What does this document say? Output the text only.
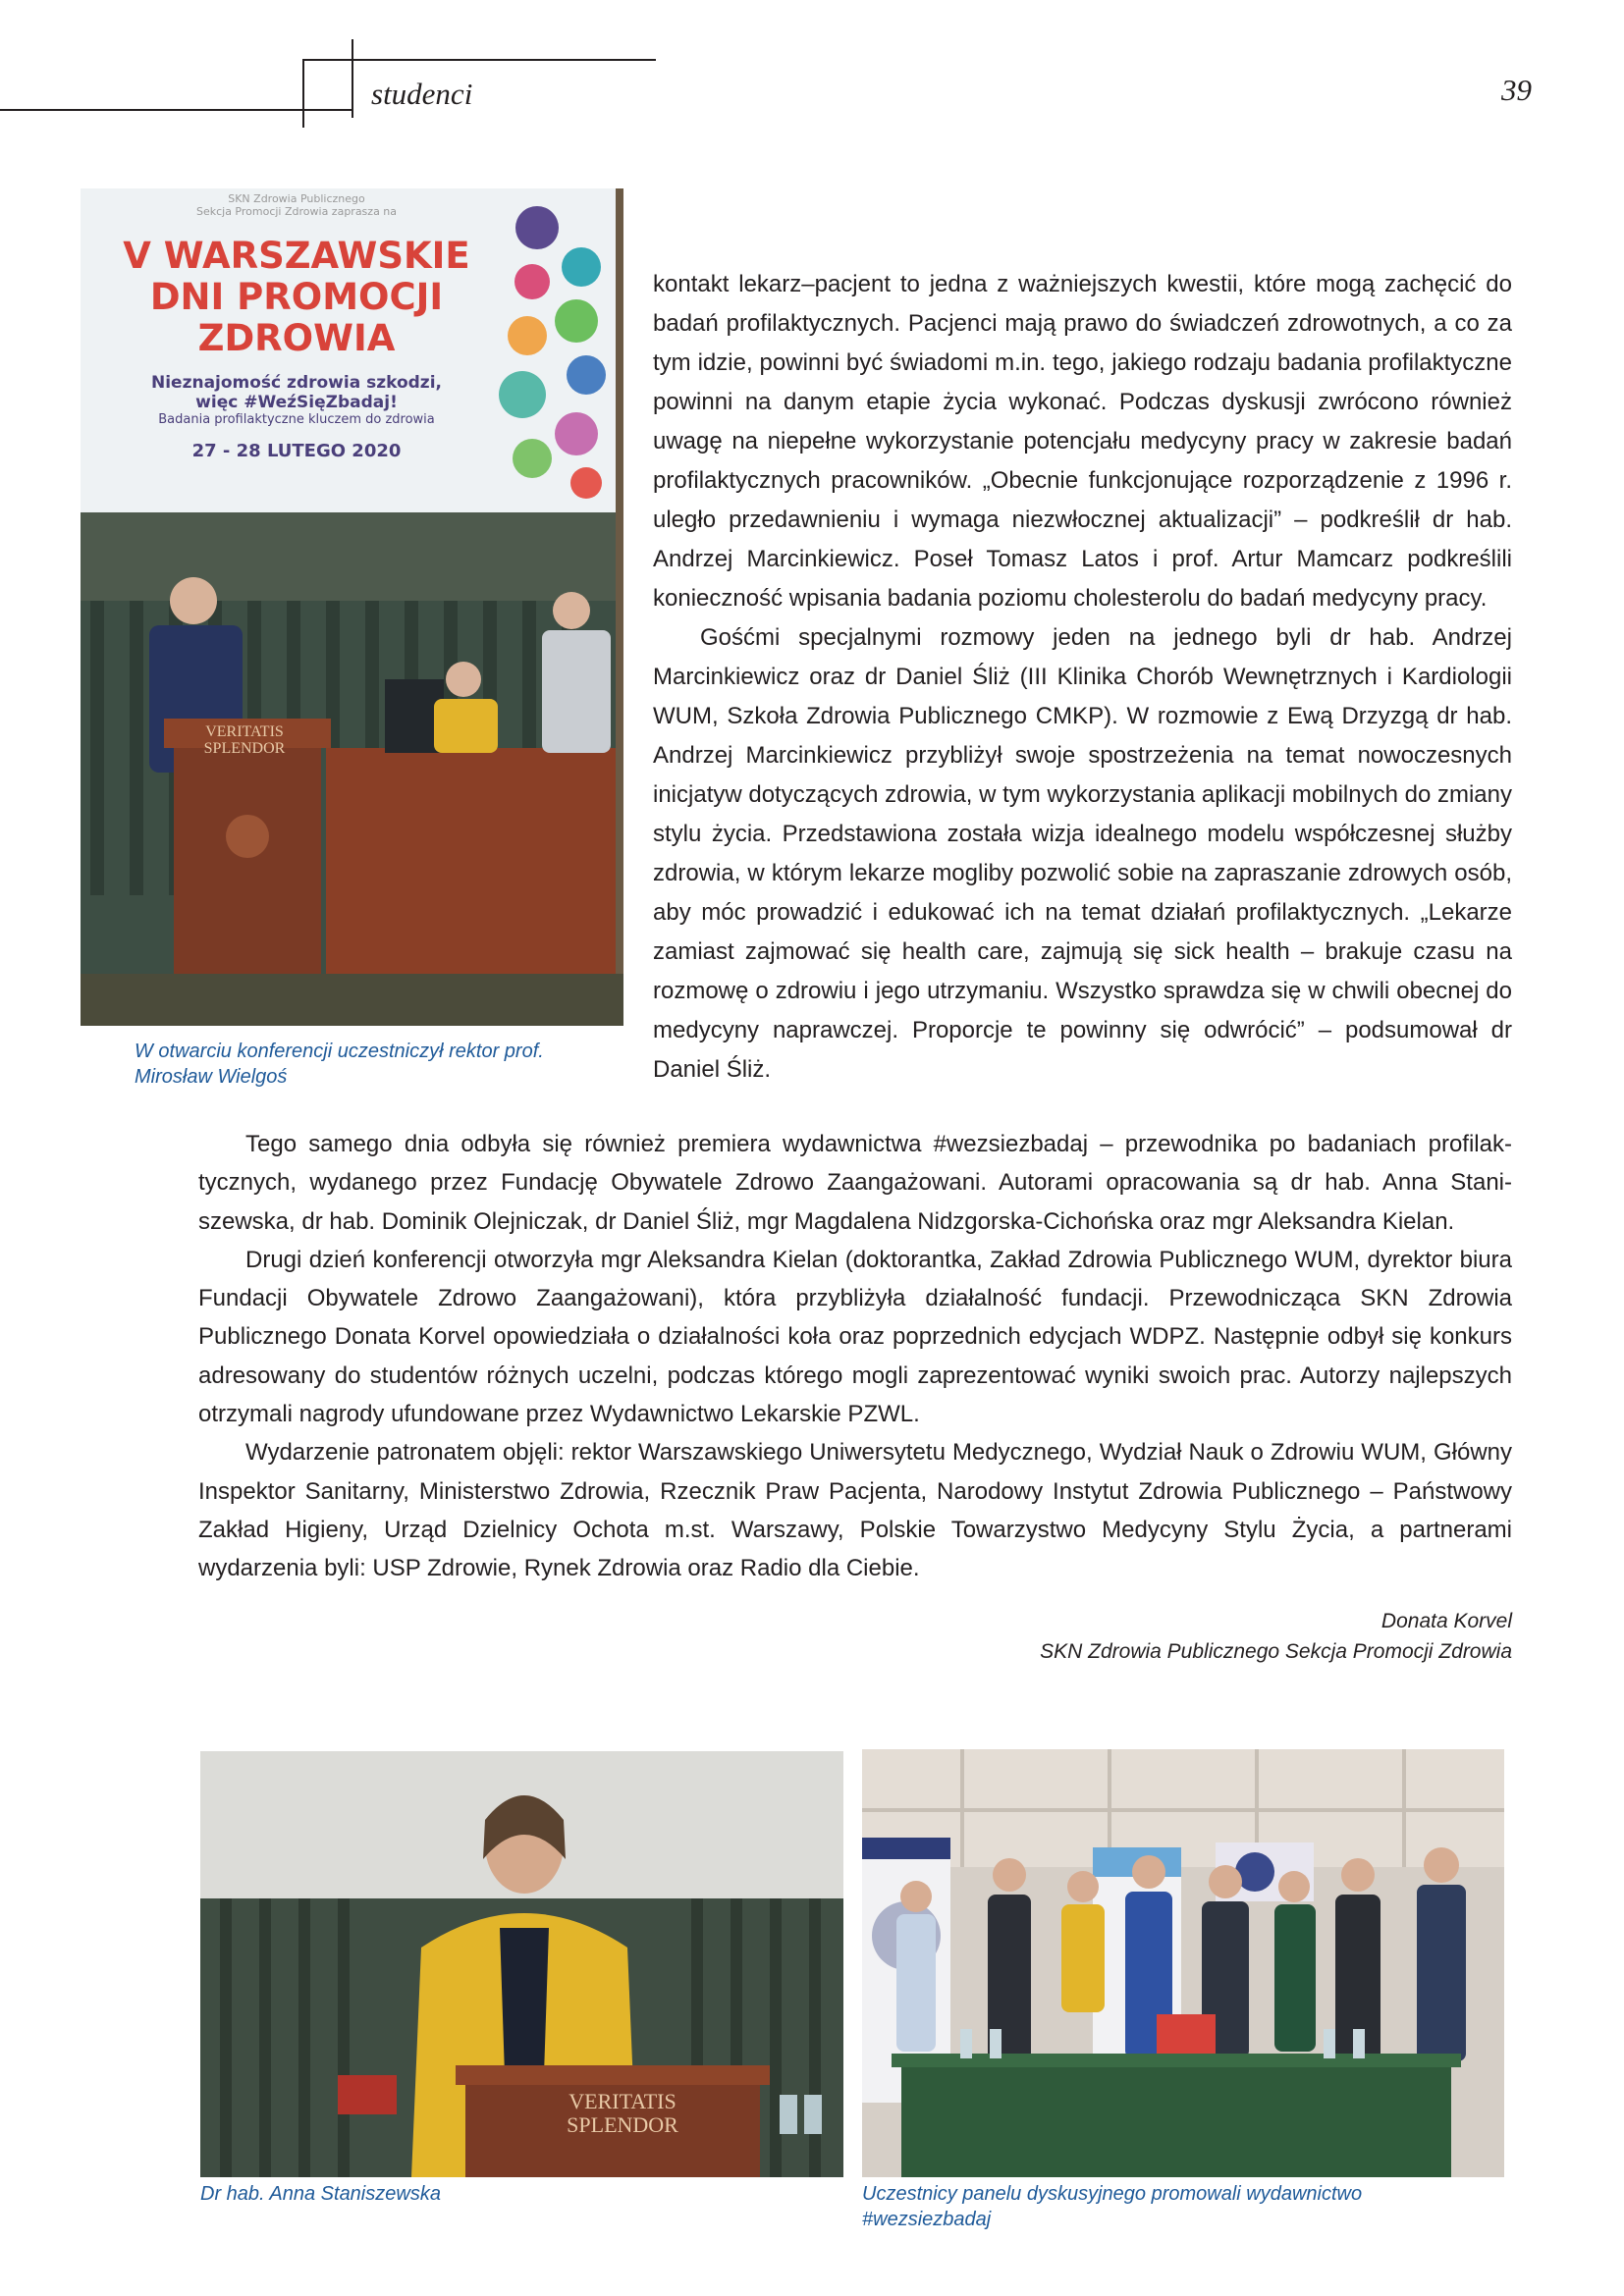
studenci	39
SKN Zdrowia Publicznego
Sekcja Promocji Zdrowia zaprasza na
V WARSZAWSKIE DNI PROMOCJI ZDROWIA
Nieznajomość zdrowia szkodzi,
więc #WeźSięZbadaj!
Badania profilaktyczne kluczem do zdrowia
27 - 28 LUTEGO 2020
VERITATIS SPLENDOR
W otwarciu konferencji uczestniczył rektor prof. Mirosław Wielgoś

kontakt lekarz–pacjent to jedna z ważniejszych kwestii, które mogą zachęcić do badań profilaktycznych. Pacjenci mają prawo do świadczeń zdrowotnych, a co za tym idzie, powinni być świadomi m.in. tego, jakiego rodzaju badania profilaktyczne powinni na danym etapie życia wykonać. Podczas dyskusji zwrócono również uwagę na niepełne wykorzystanie potencjału medycyny pracy w zakresie badań profilaktycznych pracowników. „Obecnie funkcjonujące rozporządzenie z 1996 r. uległo przedawnieniu i wymaga niezwłocznej aktualizacji” – podkreślił dr hab. Andrzej Marcinkiewicz. Poseł Tomasz Latos i prof. Artur Mamcarz podkreślili konieczność wpisania badania poziomu cholesterolu do badań medycyny pracy.

Gośćmi specjalnymi rozmowy jeden na jednego byli dr hab. Andrzej Marcinkiewicz oraz dr Daniel Śliż (III Klinika Chorób Wewnętrznych i Kardiologii WUM, Szkoła Zdrowia Publicznego CMKP). W rozmowie z Ewą Drzyzgą dr hab. Andrzej Marcinkiewicz przybliżył swoje spostrzeżenia na temat nowoczesnych inicjatyw dotyczących zdrowia, w tym wykorzystania aplikacji mobilnych do zmiany stylu życia. Przedstawiona została wizja idealnego modelu współczesnej służby zdrowia, w którym lekarze mogliby pozwolić sobie na zapraszanie zdrowych osób, aby móc prowadzić i edukować ich na temat działań profilaktycznych. „Lekarze zamiast zajmować się health care, zajmują się sick health – brakuje czasu na rozmowę o zdrowiu i jego utrzymaniu. Wszystko sprawdza się w chwili obecnej do medycyny naprawczej. Proporcje te powinny się odwrócić” – podsumował dr Daniel Śliż.

Tego samego dnia odbyła się również premiera wydawnictwa #wezsiezbadaj – przewodnika po badaniach profilaktycznych, wydanego przez Fundację Obywatele Zdrowo Zaangażowani. Autorami opracowania są dr hab. Anna Staniszewska, dr hab. Dominik Olejniczak, dr Daniel Śliż, mgr Magdalena Nidzgorska-Cichońska oraz mgr Aleksandra Kielan.

Drugi dzień konferencji otworzyła mgr Aleksandra Kielan (doktorantka, Zakład Zdrowia Publicznego WUM, dyrektor biura Fundacji Obywatele Zdrowo Zaangażowani), która przybliżyła działalność fundacji. Przewodnicząca SKN Zdrowia Publicznego Donata Korvel opowiedziała o działalności koła oraz poprzednich edycjach WDPZ. Następnie odbył się konkurs adresowany do studentów różnych uczelni, podczas którego mogli zaprezentować wyniki swoich prac. Autorzy najlepszych otrzymali nagrody ufundowane przez Wydawnictwo Lekarskie PZWL.

Wydarzenie patronatem objęli: rektor Warszawskiego Uniwersytetu Medycznego, Wydział Nauk o Zdrowiu WUM, Główny Inspektor Sanitarny, Ministerstwo Zdrowia, Rzecznik Praw Pacjenta, Narodowy Instytut Zdrowia Publicznego – Państwowy Zakład Higieny, Urząd Dzielnicy Ochota m.st. Warszawy, Polskie Towarzystwo Medycyny Stylu Życia, a partnerami wydarzenia byli: USP Zdrowie, Rynek Zdrowia oraz Radio dla Ciebie.

Donata Korvel
SKN Zdrowia Publicznego Sekcja Promocji Zdrowia
VERITATIS SPLENDOR
Dr hab. Anna Staniszewska	Uczestnicy panelu dyskusyjnego promowali wydawnictwo #wezsiezbadaj
